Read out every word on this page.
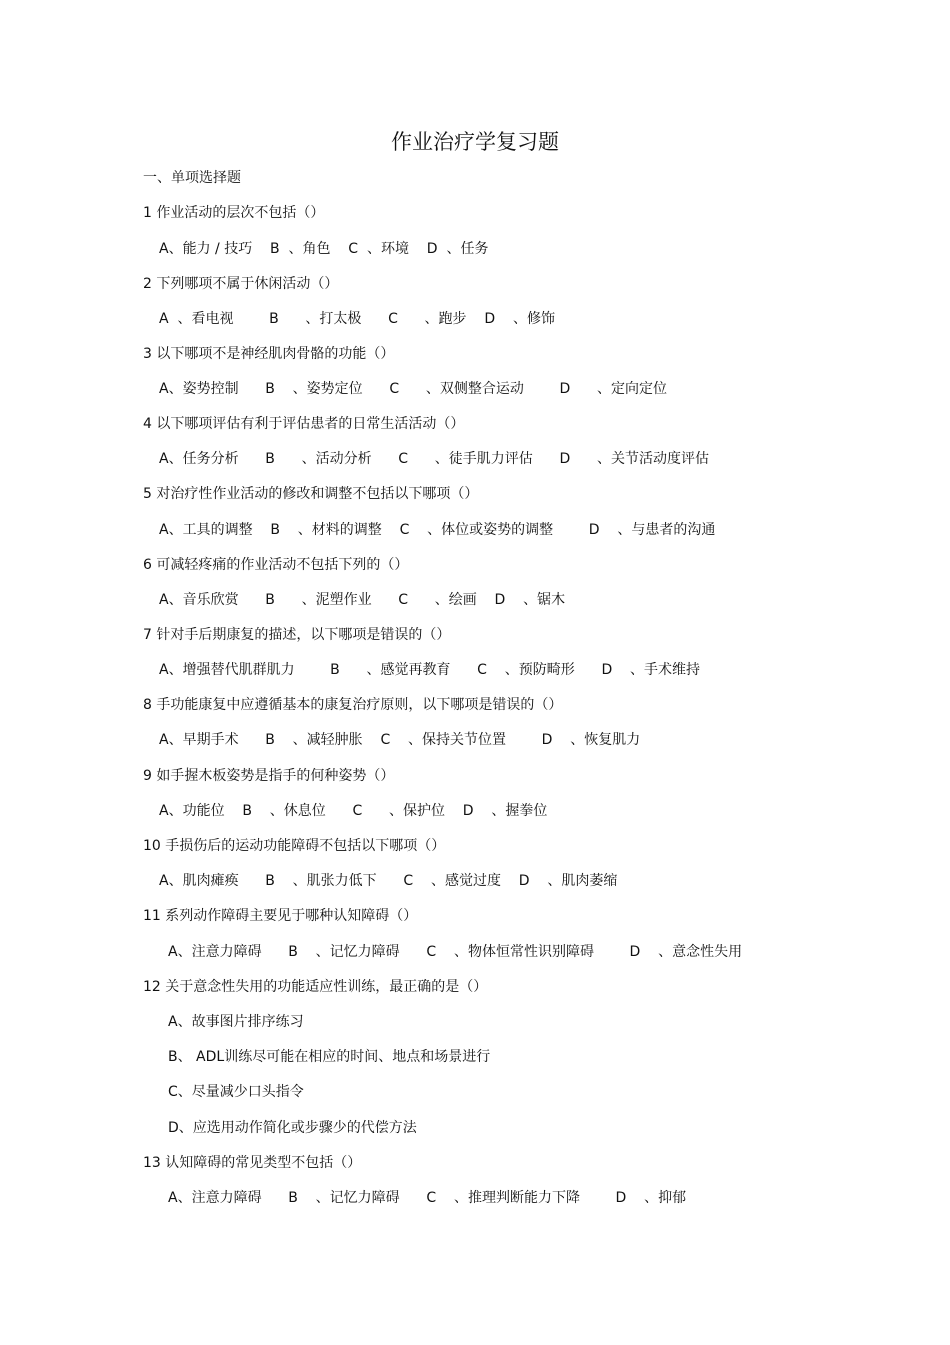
作业治疗学复习题
一、单项选择题
1 作业活动的层次不包括（）
A、能力 / 技巧    B  、角色    C  、环境    D  、任务
2 下列哪项不属于休闲活动（）
A  、看电视        B      、打太极      C      、跑步    D    、修饰
3 以下哪项不是神经肌肉骨骼的功能（）
A、姿势控制      B    、姿势定位      C      、双侧整合运动        D      、定向定位
4 以下哪项评估有利于评估患者的日常生活活动（）
A、任务分析      B      、活动分析      C      、徒手肌力评估      D      、关节活动度评估
5 对治疗性作业活动的修改和调整不包括以下哪项（）
A、工具的调整    B    、材料的调整    C    、体位或姿势的调整        D    、与患者的沟通
6 可减轻疼痛的作业活动不包括下列的（）
A、音乐欣赏      B      、泥塑作业      C      、绘画    D    、锯木
7 针对手后期康复的描述，以下哪项是错误的（）
A、增强替代肌群肌力        B      、感觉再教育      C    、预防畸形      D    、手术维持
8 手功能康复中应遵循基本的康复治疗原则，以下哪项是错误的（）
A、早期手术      B    、减轻肿胀    C    、保持关节位置        D    、恢复肌力
9 如手握木板姿势是指手的何种姿势（）
A、功能位    B    、休息位      C      、保护位    D    、握拳位
10 手损伤后的运动功能障碍不包括以下哪项（）
A、肌肉瘫痪      B    、肌张力低下      C    、感觉过度    D    、肌肉萎缩
11 系列动作障碍主要见于哪种认知障碍（）
A、注意力障碍      B    、记忆力障碍      C    、物体恒常性识别障碍        D    、意念性失用
12 关于意念性失用的功能适应性训练，最正确的是（）
A、故事图片排序练习
B、 ADL训练尽可能在相应的时间、地点和场景进行
C、尽量减少口头指令
D、应选用动作简化或步骤少的代偿方法
13 认知障碍的常见类型不包括（）
A、注意力障碍      B    、记忆力障碍      C    、推理判断能力下降        D    、抑郁
